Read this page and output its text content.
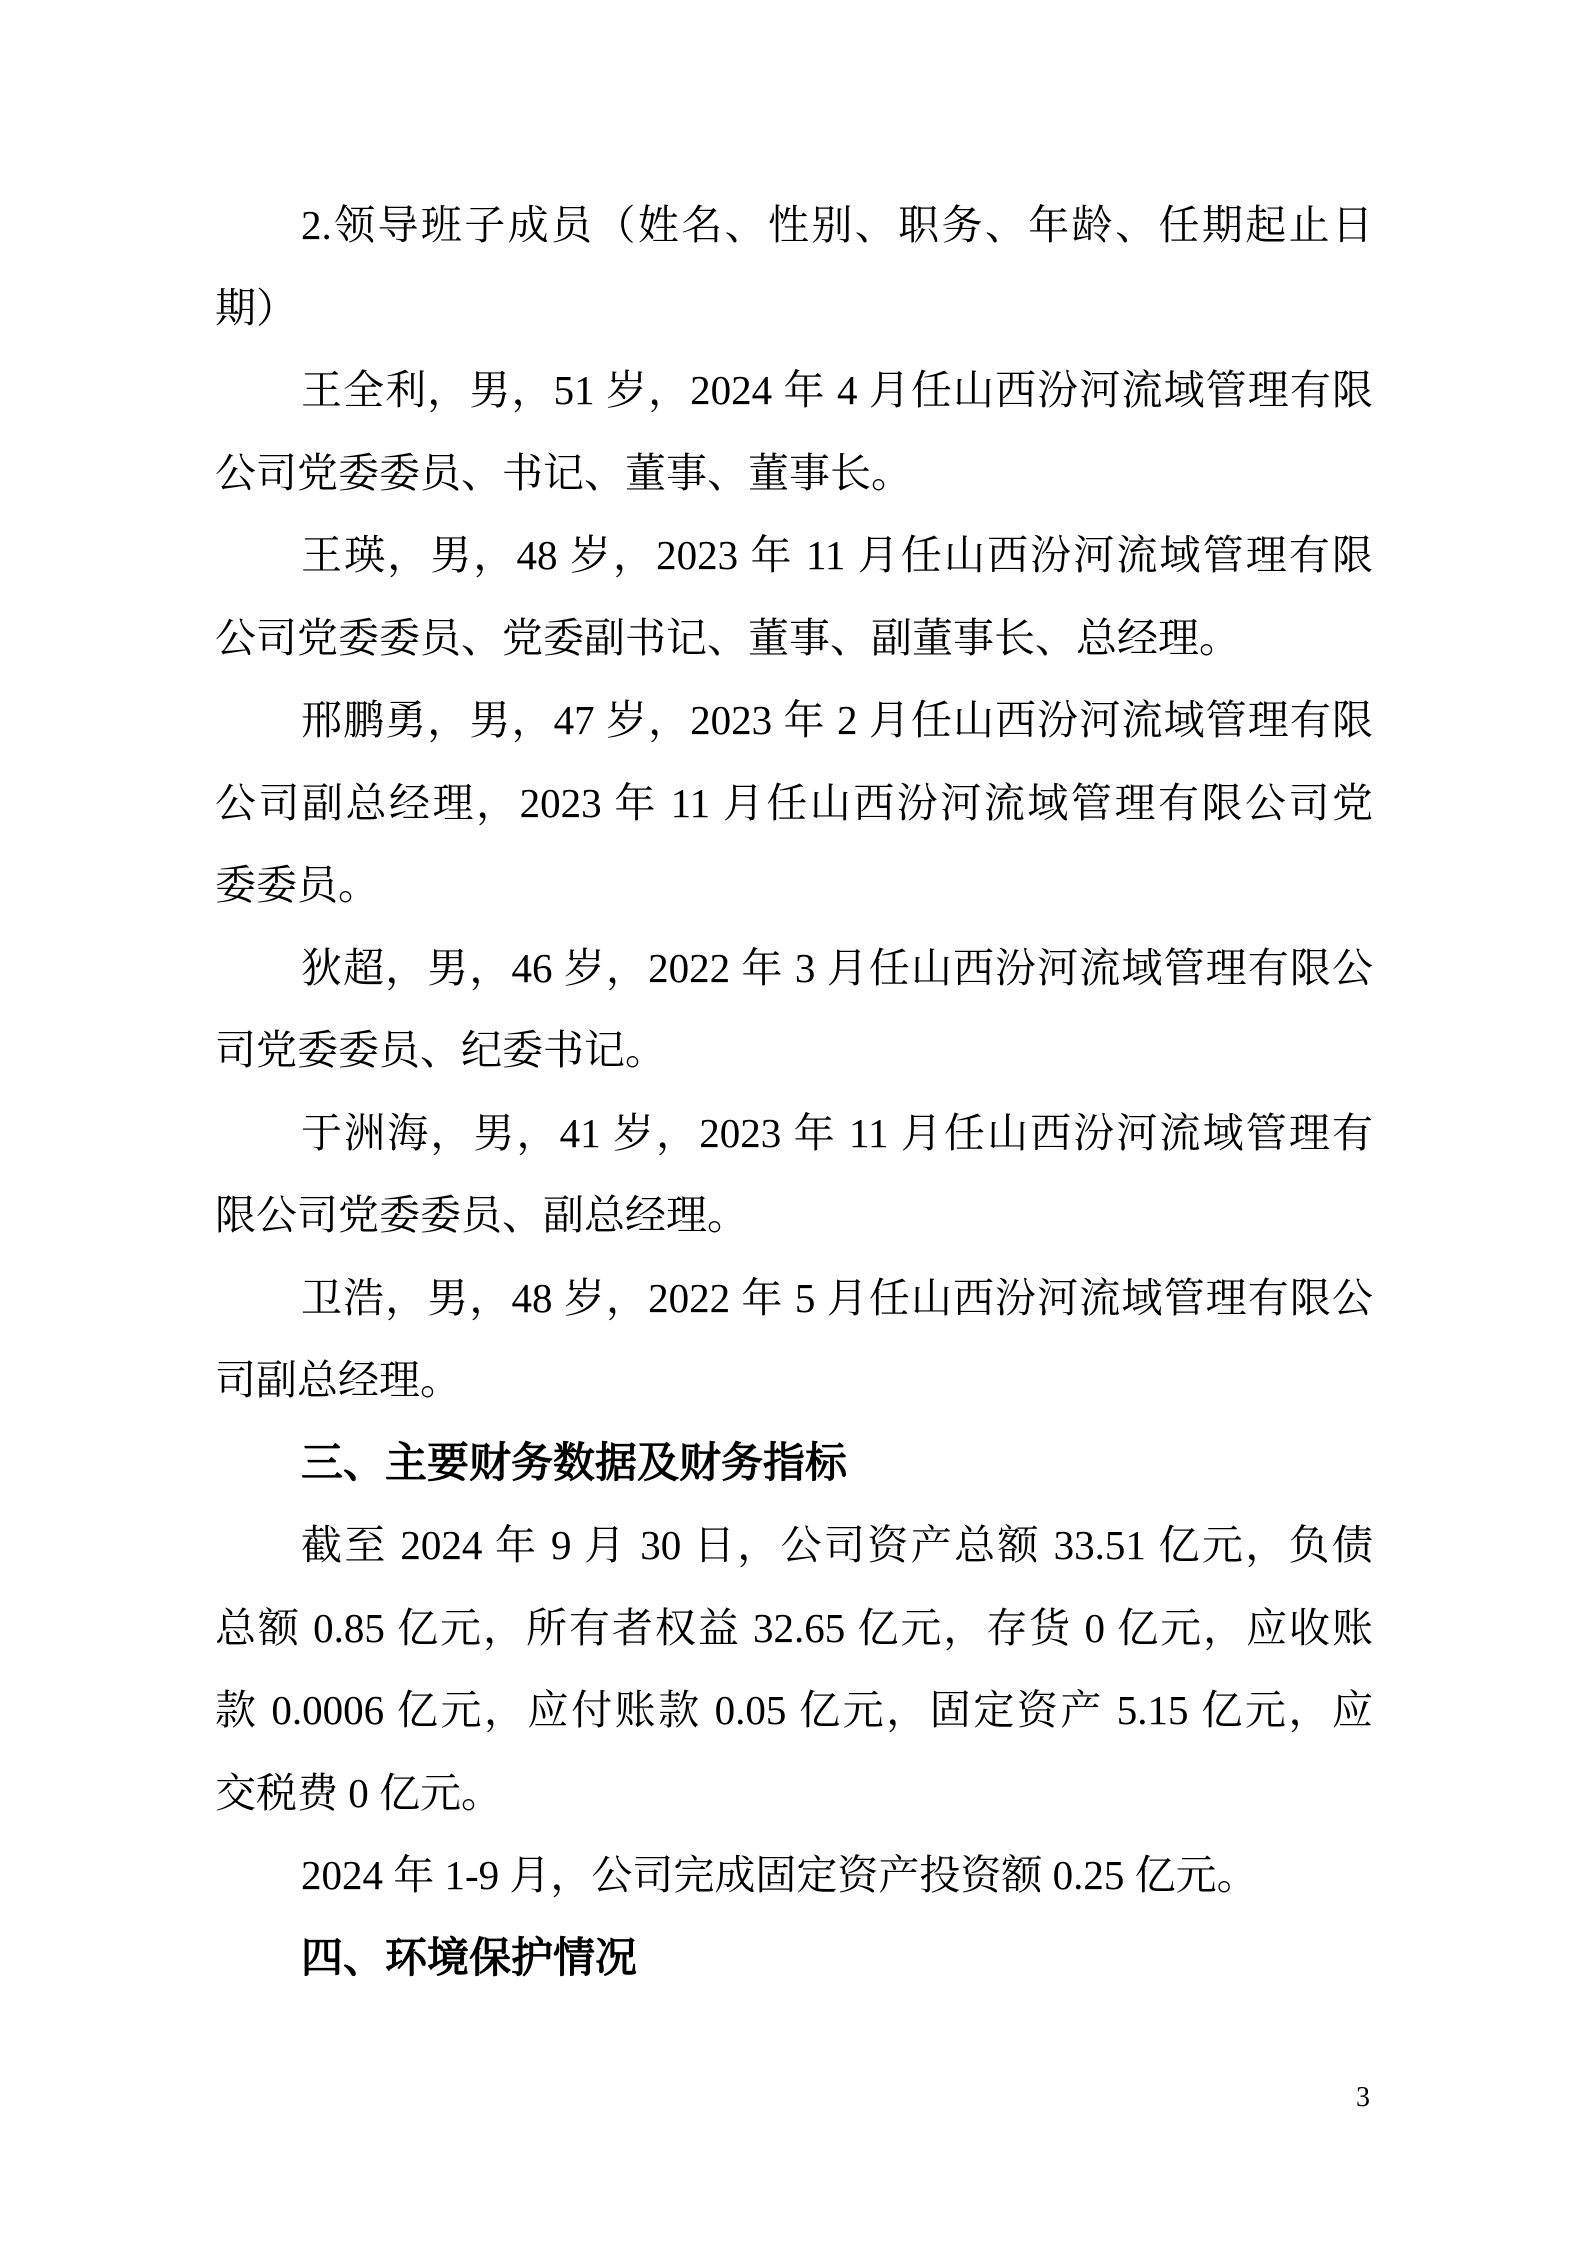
2.领导班子成员（姓名、性别、职务、年龄、任期起止日
期）
王全利，男，51 岁，2024 年 4 月任山西汾河流域管理有限
公司党委委员、书记、董事、董事长。
王瑛，男，48 岁，2023 年 11 月任山西汾河流域管理有限
公司党委委员、党委副书记、董事、副董事长、总经理。
邢鹏勇，男，47 岁，2023 年 2 月任山西汾河流域管理有限
公司副总经理，2023 年 11 月任山西汾河流域管理有限公司党
委委员。
狄超，男，46 岁，2022 年 3 月任山西汾河流域管理有限公
司党委委员、纪委书记。
于洲海，男，41 岁，2023 年 11 月任山西汾河流域管理有
限公司党委委员、副总经理。
卫浩，男，48 岁，2022 年 5 月任山西汾河流域管理有限公
司副总经理。
三、主要财务数据及财务指标
截至 2024 年 9 月 30 日，公司资产总额 33.51 亿元，负债
总额 0.85 亿元，所有者权益 32.65 亿元，存货 0 亿元，应收账
款 0.0006 亿元，应付账款 0.05 亿元，固定资产 5.15 亿元，应
交税费 0 亿元。
2024 年 1-9 月，公司完成固定资产投资额 0.25 亿元。
四、环境保护情况
3
